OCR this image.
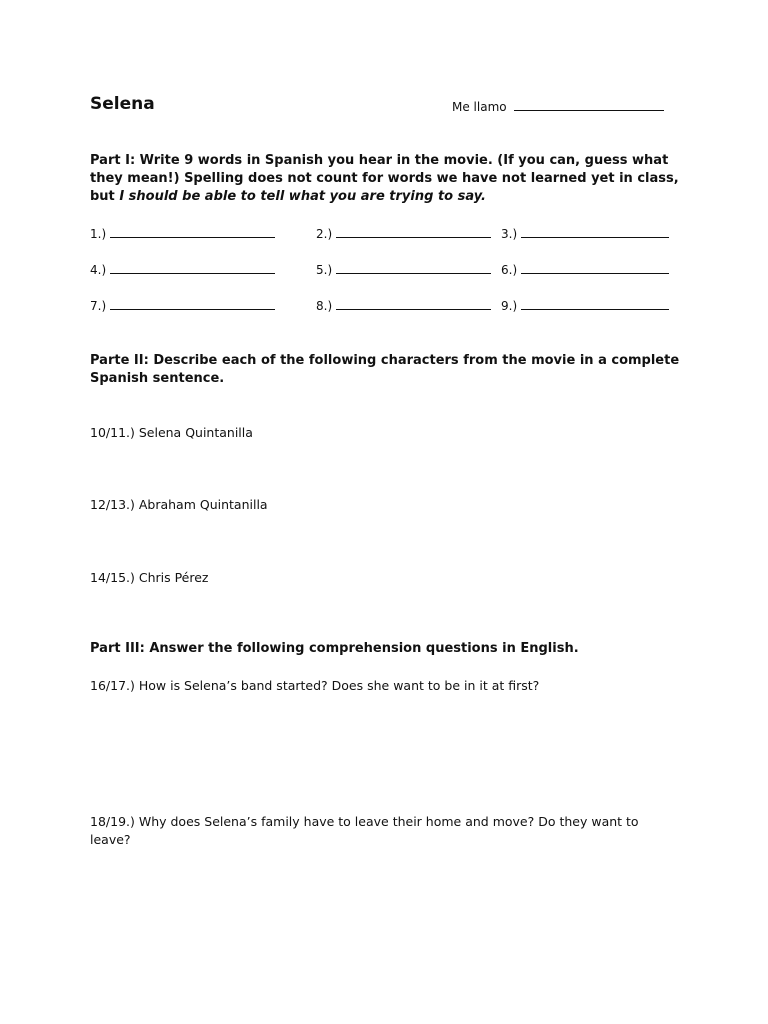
Selena	Me llamo
Part I: Write 9 words in Spanish you hear in the movie. (If you can, guess what they mean!) Spelling does not count for words we have not learned yet in class, but I should be able to tell what you are trying to say.
1.)	2.)	3.)
4.)	5.)	6.)
7.)	8.)	9.)
Parte II: Describe each of the following characters from the movie in a complete Spanish sentence.
10/11.) Selena Quintanilla
12/13.) Abraham Quintanilla
14/15.) Chris Pérez
Part III: Answer the following comprehension questions in English.
16/17.) How is Selena’s band started? Does she want to be in it at first?
18/19.) Why does Selena’s family have to leave their home and move? Do they want to leave?
